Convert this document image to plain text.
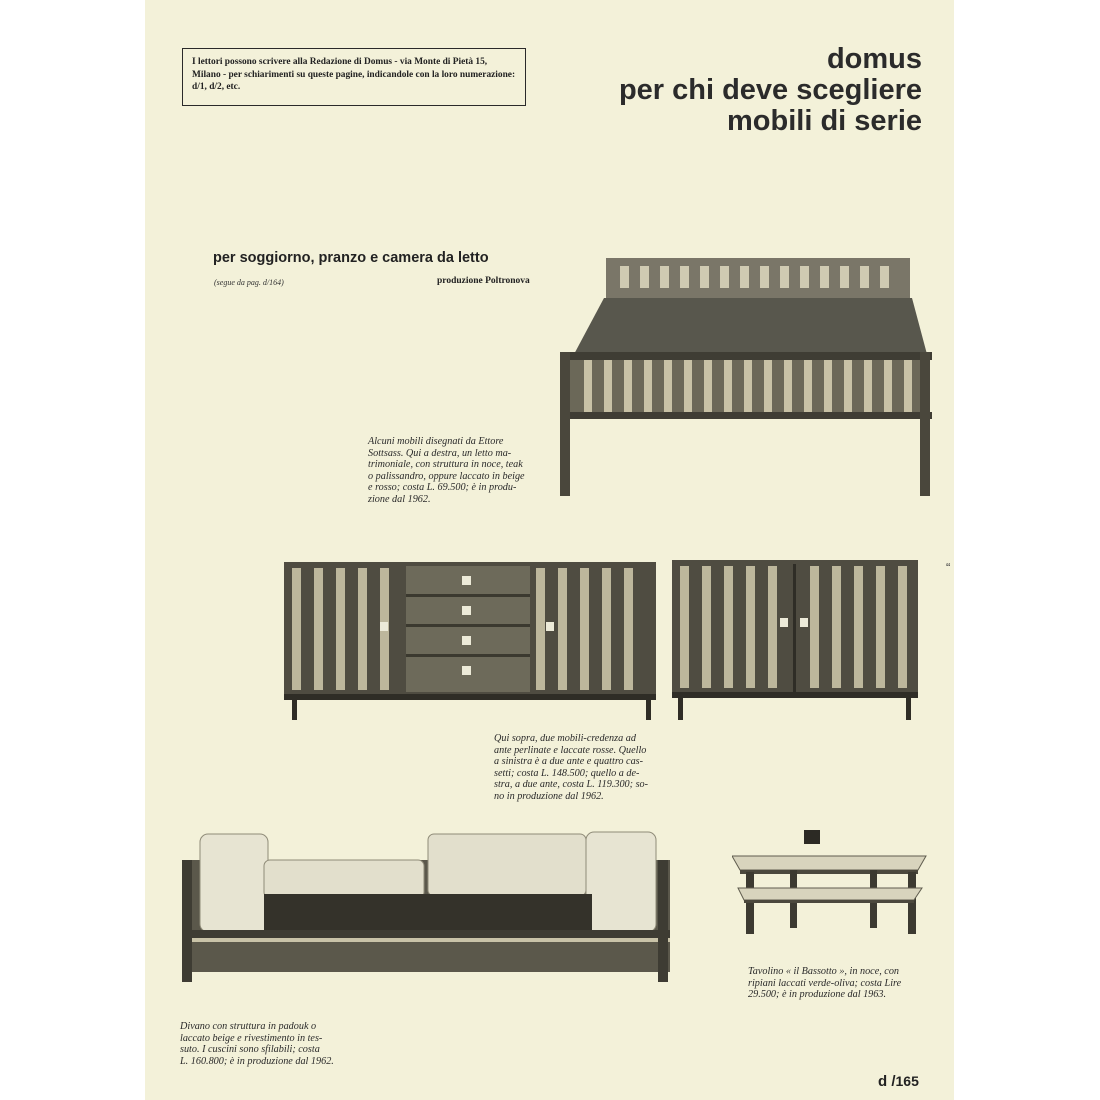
I lettori possono scrivere alla Redazione di Domus - via Monte di Pietà 15, Milano - per schiarimenti su queste pagine, indicandole con la loro numerazione: d/1, d/2, etc.
domus
per chi deve scegliere
mobili di serie
per soggiorno, pranzo e camera da letto
(segue da pag. d/164)	produzione Poltronova
Alcuni mobili disegnati da Ettore
Sottsass. Qui a destra, un letto ma-
trimoniale, con struttura in noce, teak
o palissandro, oppure laccato in beige
e rosso; costa L. 69.500; è in produ-
zione dal 1962.
“
Qui sopra, due mobili-credenza ad
ante perlinate e laccate rosse. Quello
a sinistra è a due ante e quattro cas-
setti; costa L. 148.500; quello a de-
stra, a due ante, costa L. 119.300; so-
no in produzione dal 1962.
Divano con struttura in padouk o
laccato beige e rivestimento in tes-
suto. I cuscini sono sfilabili; costa
L. 160.800; è in produzione dal 1962.
Tavolino « il Bassotto », in noce, con
ripiani laccati verde-oliva; costa Lire
29.500; è in produzione dal 1963.
d /165
